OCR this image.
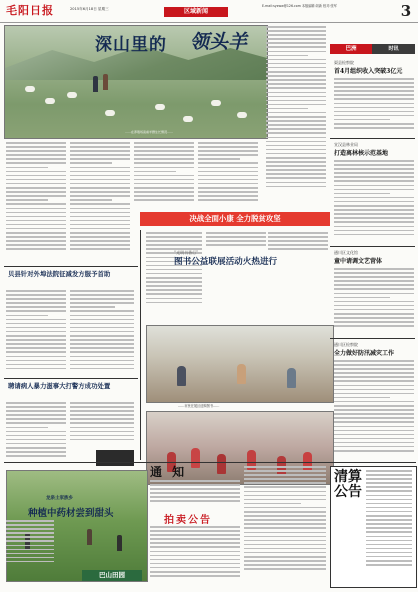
毛阳日报	2015年6月18日 星期三	区域新闻
E-mail:syxww@126.com 本版编辑:刘新 校对:张军	3
深山里的 领头羊
……在养殖场查看羊群生长情况……
决战全面小康 全力脱贫攻坚
贝县针对外埠法院征减发方服予首助
聘请病人暴力滋事大打警方成功处置
“光明书香行”
图书公益联展活动火热进行
……市民在展区选购图书……
巴洲	时讯
渠县检察院
首4月组织收入突破3亿元
宣汉县林业局
打造离林核示范基地
通川区文化馆
童中请调文艺营体
通川区检察院
全力做好防汛减灾工作
龙泉土家族乡
种植中药材尝到甜头
巴山田园
通 知
拍卖公告
清算公告
